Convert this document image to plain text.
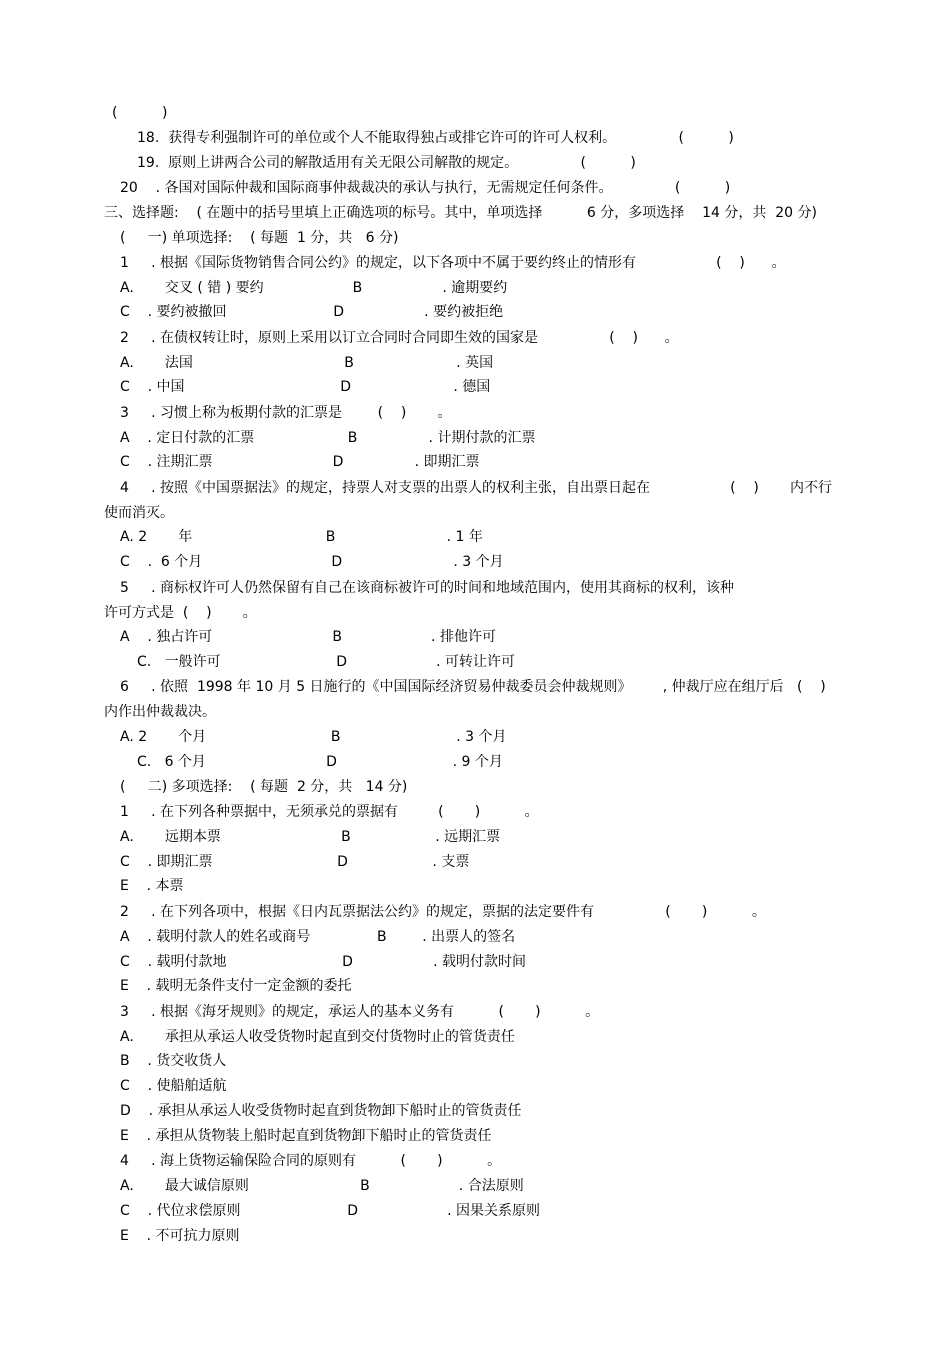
(          )
18.  获得专利强制许可的单位或个人不能取得独占或排它许可的许可人权利。              (          )
19.  原则上讲两合公司的解散适用有关无限公司解散的规定。              (          )
20    . 各国对国际仲裁和国际商事仲裁裁决的承认与执行，无需规定任何条件。              (          )
三、选择题:    ( 在题中的括号里填上正确选项的标号。其中，单项选择          6 分，多项选择    14 分，共  20 分)
(     一) 单项选择:    ( 每题  1 分，共   6 分)
1     . 根据《国际货物销售合同公约》的规定，以下各项中不属于要约终止的情形有                  (    )      。
A.       交叉 ( 错 ) 要约                    B                  . 逾期要约
C    . 要约被撤回                        D                  . 要约被拒绝
2     . 在债权转让时，原则上采用以订立合同时合同即生效的国家是                (    )      。
A.       法国                                  B                       . 英国
C    . 中国                                   D                       . 德国
3     . 习惯上称为板期付款的汇票是        (    )       。
A    . 定日付款的汇票                     B                . 计期付款的汇票
C    . 注期汇票                           D                . 即期汇票
4     . 按照《中国票据法》的规定，持票人对支票的出票人的权利主张，自出票日起在                  (    )       内不行
使而消灭。
A. 2       年                              B                         . 1 年
C    .  6 个月                             D                         . 3 个月
5     . 商标权许可人仍然保留有自己在该商标被许可的时间和地域范围内，使用其商标的权利，该种
许可方式是  (    )       。
A    . 独占许可                           B                    . 排他许可
C.   一般许可                          D                    . 可转让许可
6     . 依照  1998 年 10 月 5 日施行的《中国国际经济贸易仲裁委员会仲裁规则》       , 仲裁厅应在组厅后   (    )
内作出仲裁裁决。
A. 2       个月                            B                          . 3 个月
C.   6 个月                           D                          . 9 个月
(     二) 多项选择:    ( 每题  2 分，共   14 分)
1     . 在下列各种票据中，无须承兑的票据有         (       )          。
A.       远期本票                           B                   . 远期汇票
C    . 即期汇票                            D                   . 支票
E    . 本票
2     . 在下列各项中，根据《日内瓦票据法公约》的规定，票据的法定要件有                (       )          。
A    . 载明付款人的姓名或商号               B        . 出票人的签名
C    . 载明付款地                          D                  . 载明付款时间
E    . 载明无条件支付一定金额的委托
3     . 根据《海牙规则》的规定，承运人的基本义务有          (       )          。
A.       承担从承运人收受货物时起直到交付货物时止的管货责任
B    . 货交收货人
C    . 使船舶适航
D    . 承担从承运人收受货物时起直到货物卸下船时止的管货责任
E    . 承担从货物装上船时起直到货物卸下船时止的管货责任
4     . 海上货物运输保险合同的原则有          (       )          。
A.       最大诚信原则                         B                    . 合法原则
C    . 代位求偿原则                        D                    . 因果关系原则
E    . 不可抗力原则
